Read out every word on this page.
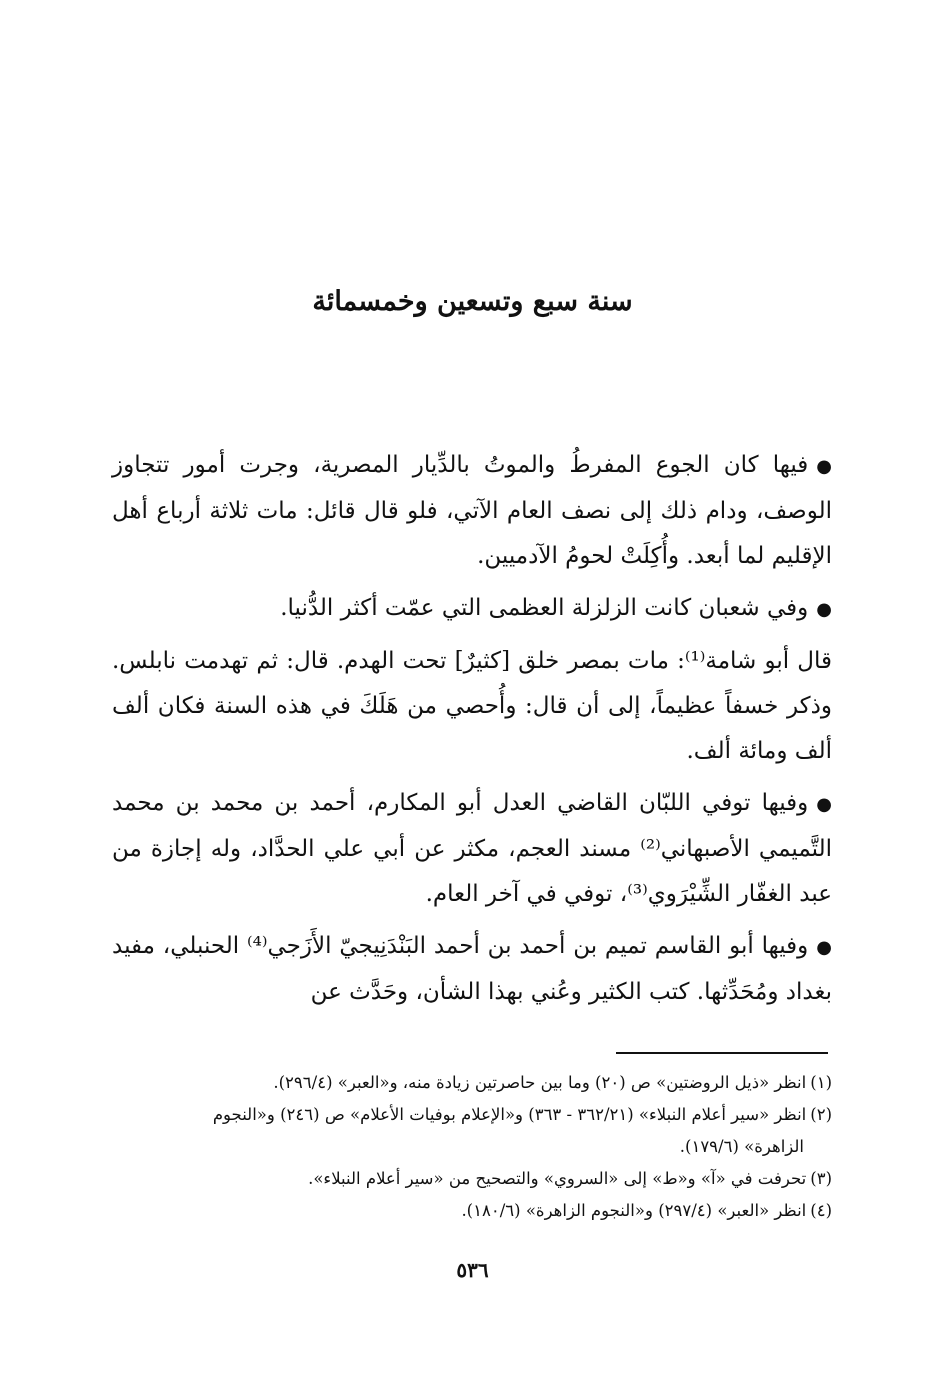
سنة سبع وتسعين وخمسمائة

●فيها كان الجوع المفرطُ والموتُ بالدِّيار المصرية، وجرت أمور تتجاوز الوصف، ودام ذلك إلى نصف العام الآتي، فلو قال قائل: مات ثلاثة أرباع أهل الإقليم لما أبعد. وأُكِلَتْ لحومُ الآدميين.

●وفي شعبان كانت الزلزلة العظمى التي عمّت أكثر الدُّنيا.

قال أبو شامة⁽¹⁾: مات بمصر خلق [كثيرٌ] تحت الهدم. قال: ثم تهدمت نابلس. وذكر خسفاً عظيماً، إلى أن قال: وأُحصي من هَلَكَ في هذه السنة فكان ألف ألف ومائة ألف.

●وفيها توفي اللبّان القاضي العدل أبو المكارم، أحمد بن محمد بن محمد التَّميمي الأصبهاني⁽²⁾ مسند العجم، مكثر عن أبي علي الحدَّاد، وله إجازة من عبد الغفّار الشِّيْرَوي⁽³⁾، توفي في آخر العام.

●وفيها أبو القاسم تميم بن أحمد بن أحمد البَنْدَنِيجيّ الأَزَجي⁽⁴⁾ الحنبلي، مفيد بغداد ومُحَدِّثها. كتب الكثير وعُني بهذا الشأن، وحَدَّث عن

(١)انظر «ذيل الروضتين» ص (٢٠) وما بين حاصرتين زيادة منه، و«العبر» (٢٩٦/٤).

(٢)انظر «سير أعلام النبلاء» (٣٦٢/٢١ - ٣٦٣) و«الإعلام بوفيات الأعلام» ص (٢٤٦) و«النجوم

الزاهرة» (١٧٩/٦).

(٣)تحرفت في «آ» و«ط» إلى «السروي» والتصحيح من «سير أعلام النبلاء».

(٤)انظر «العبر» (٢٩٧/٤) و«النجوم الزاهرة» (١٨٠/٦).

٥٣٦
